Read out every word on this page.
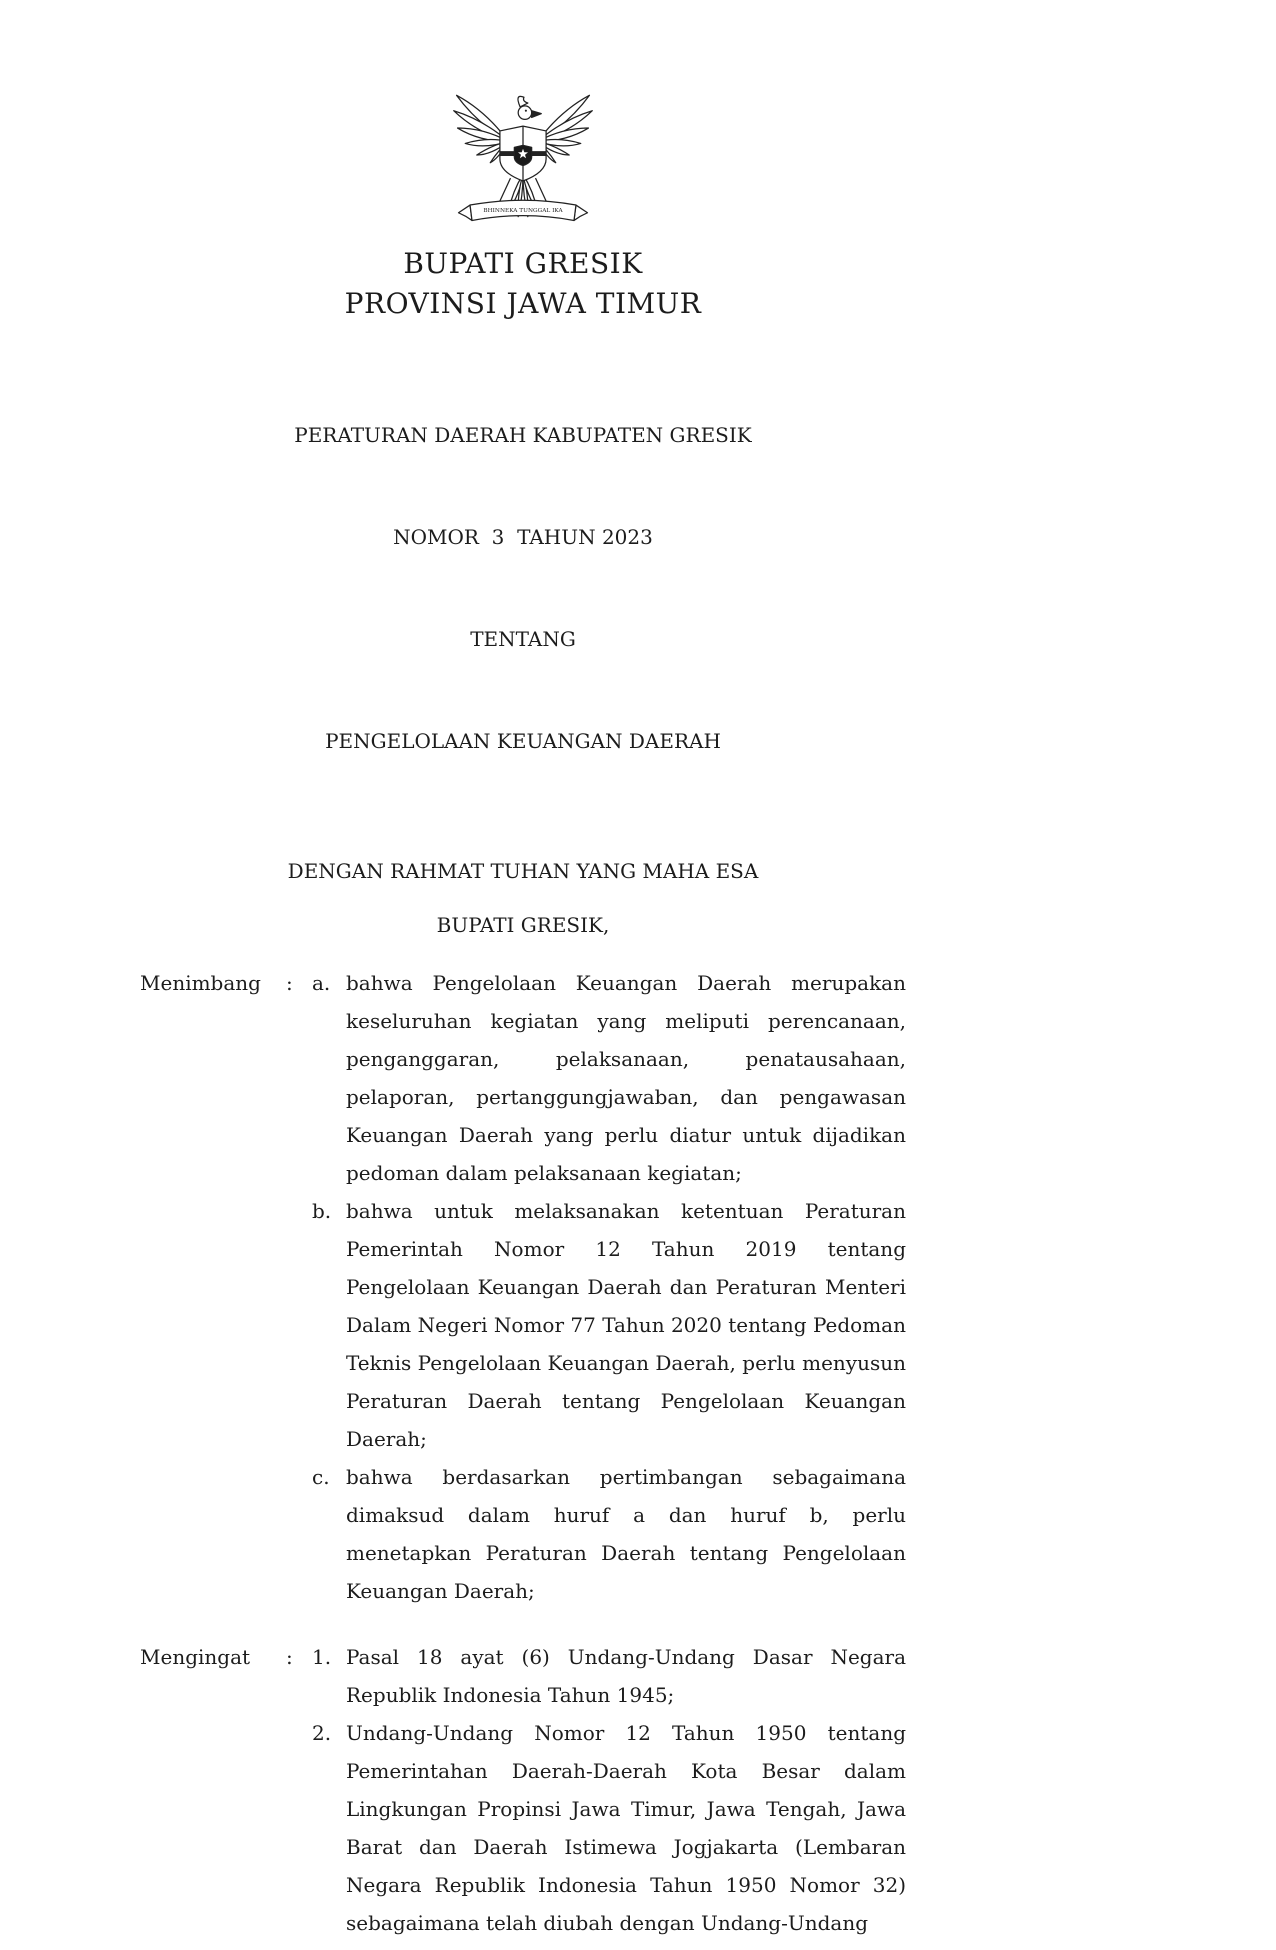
BHINNEKA TUNGGAL IKA
BUPATI GRESIK
PROVINSI JAWA TIMUR

PERATURAN DAERAH KABUPATEN GRESIK

NOMOR  3  TAHUN 2023

TENTANG

PENGELOLAAN KEUANGAN DAERAH

DENGAN RAHMAT TUHAN YANG MAHA ESA

BUPATI GRESIK,

Menimbang	: a. bahwa Pengelolaan Keuangan Daerah merupakan keseluruhan kegiatan yang meliputi perencanaan, penganggaran, pelaksanaan, penatausahaan, pelaporan, pertanggungjawaban, dan pengawasan Keuangan Daerah yang perlu diatur untuk dijadikan pedoman dalam pelaksanaan kegiatan;
b. bahwa untuk melaksanakan ketentuan Peraturan Pemerintah Nomor 12 Tahun 2019 tentang Pengelolaan Keuangan Daerah dan Peraturan Menteri Dalam Negeri Nomor 77 Tahun 2020 tentang Pedoman Teknis Pengelolaan Keuangan Daerah, perlu menyusun Peraturan Daerah tentang Pengelolaan Keuangan Daerah;
c. bahwa berdasarkan pertimbangan sebagaimana dimaksud dalam huruf a dan huruf b, perlu menetapkan Peraturan Daerah tentang Pengelolaan Keuangan Daerah;
Mengingat	: 1. Pasal 18 ayat (6) Undang-Undang Dasar Negara Republik Indonesia Tahun 1945;
2. Undang-Undang Nomor 12 Tahun 1950 tentang Pemerintahan Daerah-Daerah Kota Besar dalam Lingkungan Propinsi Jawa Timur, Jawa Tengah, Jawa Barat dan Daerah Istimewa Jogjakarta (Lembaran Negara Republik Indonesia Tahun 1950 Nomor 32) sebagaimana telah diubah dengan Undang-Undang
